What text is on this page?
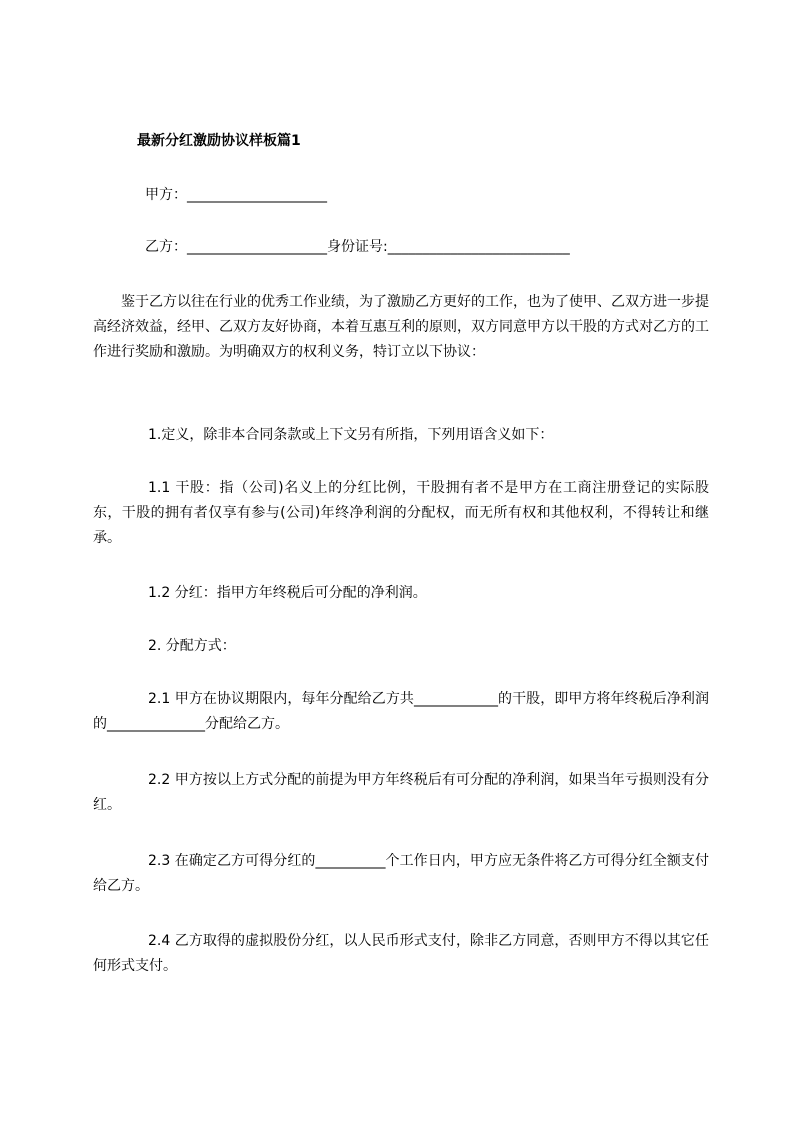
最新分红激励协议样板篇1
甲方：____________________
乙方：____________________身份证号:__________________________
鉴于乙方以往在行业的优秀工作业绩，为了激励乙方更好的工作，也为了使甲、乙双方进一步提高经济效益，经甲、乙双方友好协商，本着互惠互利的原则，双方同意甲方以干股的方式对乙方的工作进行奖励和激励。为明确双方的权利义务，特订立以下协议：
1.定义，除非本合同条款或上下文另有所指，下列用语含义如下：
1.1 干股：指（公司)名义上的分红比例，干股拥有者不是甲方在工商注册登记的实际股东，干股的拥有者仅享有参与(公司)年终净利润的分配权，而无所有权和其他权利，不得转让和继承。
1.2 分红：指甲方年终税后可分配的净利润。
2. 分配方式：
2.1 甲方在协议期限内，每年分配给乙方共____________的干股，即甲方将年终税后净利润的______________分配给乙方。
2.2 甲方按以上方式分配的前提为甲方年终税后有可分配的净利润，如果当年亏损则没有分红。
2.3 在确定乙方可得分红的__________个工作日内，甲方应无条件将乙方可得分红全额支付给乙方。
2.4 乙方取得的虚拟股份分红，以人民币形式支付，除非乙方同意，否则甲方不得以其它任何形式支付。
